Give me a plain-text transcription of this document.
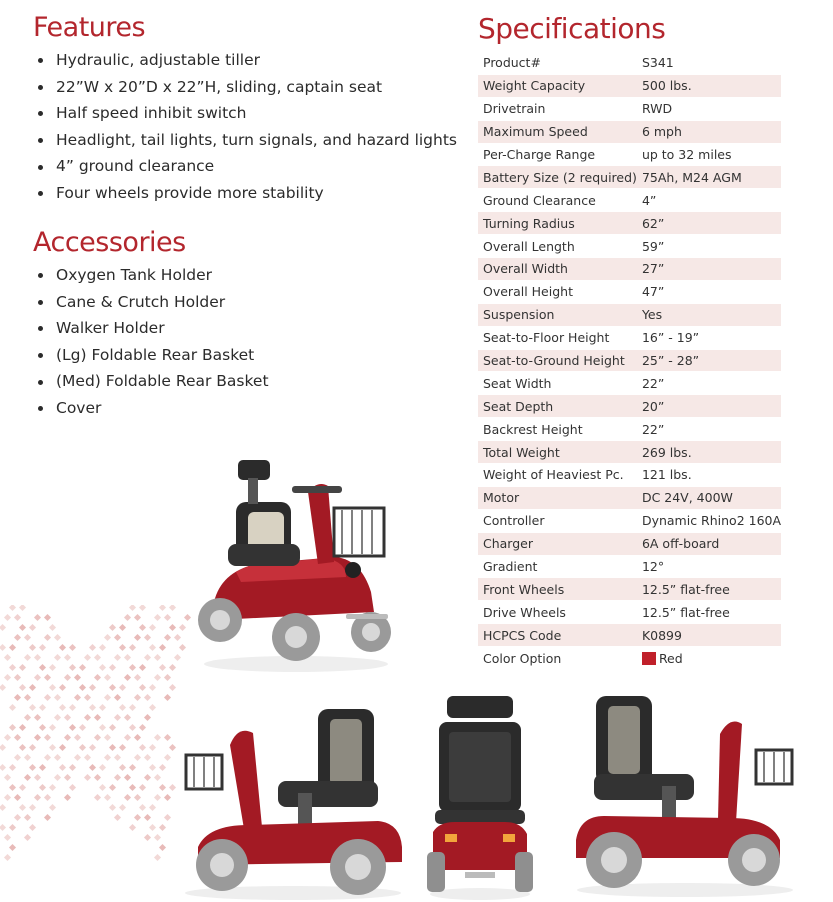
Features
Hydraulic, adjustable tiller
22”W x 20”D x 22”H, sliding, captain seat
Half speed inhibit switch
Headlight, tail lights, turn signals, and hazard lights
4” ground clearance
Four wheels provide more stability
Accessories
Oxygen Tank Holder
Cane & Crutch Holder
Walker Holder
(Lg) Foldable Rear Basket
(Med) Foldable Rear Basket
Cover
Specifications
Product#	S341
Weight Capacity	500 lbs.
Drivetrain	RWD
Maximum Speed	6 mph
Per-Charge Range	up to 32 miles
Battery Size (2 required)	75Ah, M24 AGM
Ground Clearance	4”
Turning Radius	62”
Overall Length	59”
Overall Width	27”
Overall Height	47”
Suspension	Yes
Seat-to-Floor Height	16” - 19”
Seat-to-Ground Height	25” - 28”
Seat Width	22”
Seat Depth	20”
Backrest Height	22”
Total Weight	269 lbs.
Weight of Heaviest Pc.	121 lbs.
Motor	DC 24V, 400W
Controller	Dynamic Rhino2 160A
Charger	6A off-board
Gradient	12°
Front Wheels	12.5” flat-free
Drive Wheels	12.5” flat-free
HCPCS Code	K0899
Color Option	Red
